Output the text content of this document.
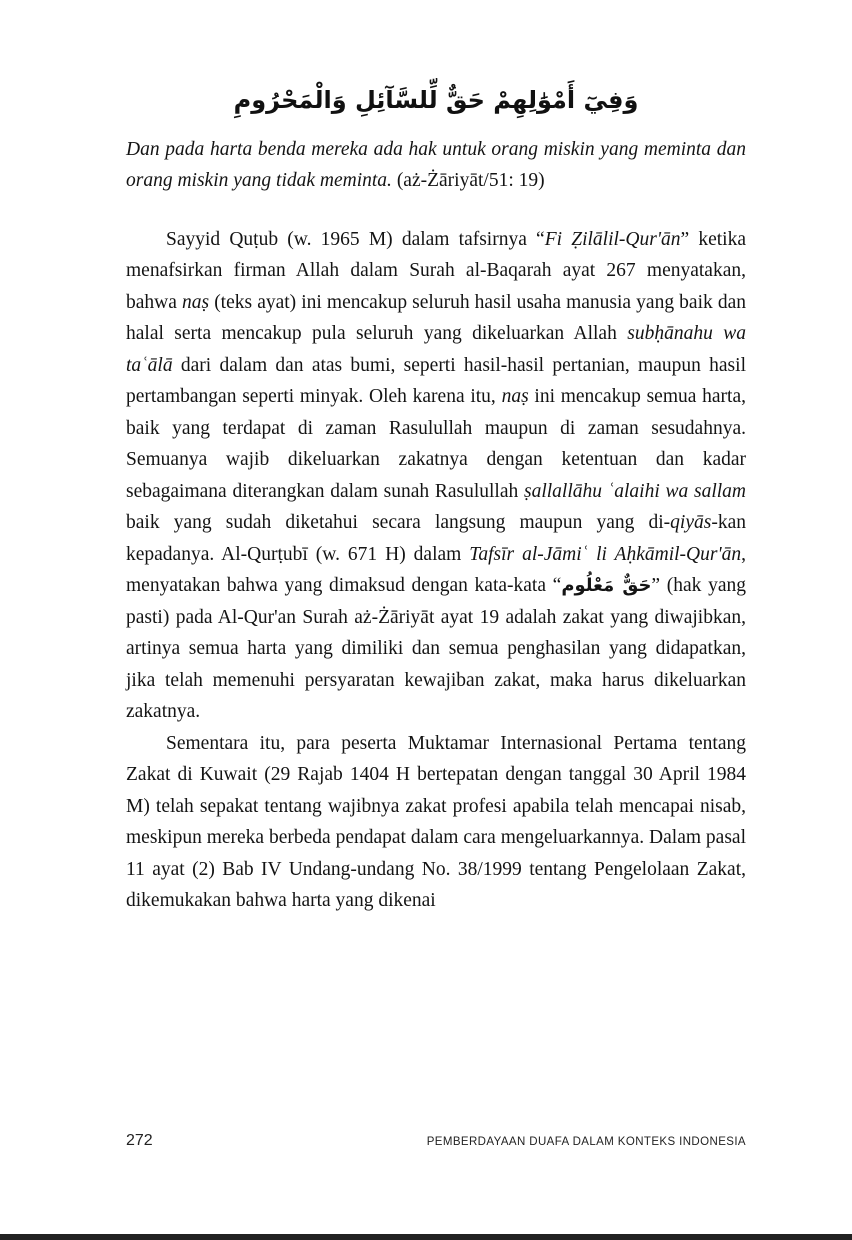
وَفِيٓ أَمْوَٰلِهِمْ حَقٌّ لِّلسَّآئِلِ وَالْمَحْرُومِ
Dan pada harta benda mereka ada hak untuk orang miskin yang meminta dan orang miskin yang tidak meminta. (aż-Żāriyāt/51: 19)

Sayyid Quṭub (w. 1965 M) dalam tafsirnya “Fi Ẓilālil-Qur'ān” ketika menafsirkan firman Allah dalam Surah al-Baqarah ayat 267 menyatakan, bahwa naṣ (teks ayat) ini mencakup seluruh hasil usaha manusia yang baik dan halal serta mencakup pula seluruh yang dikeluarkan Allah subḥānahu wa taʿālā dari dalam dan atas bumi, seperti hasil-hasil pertanian, maupun hasil pertambangan seperti minyak. Oleh karena itu, naṣ ini mencakup semua harta, baik yang terdapat di zaman Rasulullah maupun di zaman sesudahnya. Semuanya wajib dikeluarkan zakatnya dengan ketentuan dan kadar sebagaimana diterangkan dalam sunah Rasulullah ṣallallāhu ʿalaihi wa sallam baik yang sudah diketahui secara langsung maupun yang di-qiyās-kan kepadanya. Al-Qurṭubī (w. 671 H) dalam Tafsīr al-Jāmiʿ li Aḥkāmil-Qur'ān, menyatakan bahwa yang dimaksud dengan kata-kata “حَقٌّ مَعْلُوم” (hak yang pasti) pada Al-Qur'an Surah aż-Żāriyāt ayat 19 adalah zakat yang diwajibkan, artinya semua harta yang dimiliki dan semua penghasilan yang didapatkan, jika telah memenuhi persyaratan kewajiban zakat, maka harus dikeluarkan zakatnya.

Sementara itu, para peserta Muktamar Internasional Pertama tentang Zakat di Kuwait (29 Rajab 1404 H bertepatan dengan tanggal 30 April 1984 M) telah sepakat tentang wajibnya zakat profesi apabila telah mencapai nisab, meskipun mereka berbeda pendapat dalam cara mengeluarkannya. Dalam pasal 11 ayat (2) Bab IV Undang-undang No. 38/1999 tentang Pengelolaan Zakat, dikemukakan bahwa harta yang dikenai

272	PEMBERDAYAAN DUAFA DALAM KONTEKS INDONESIA
